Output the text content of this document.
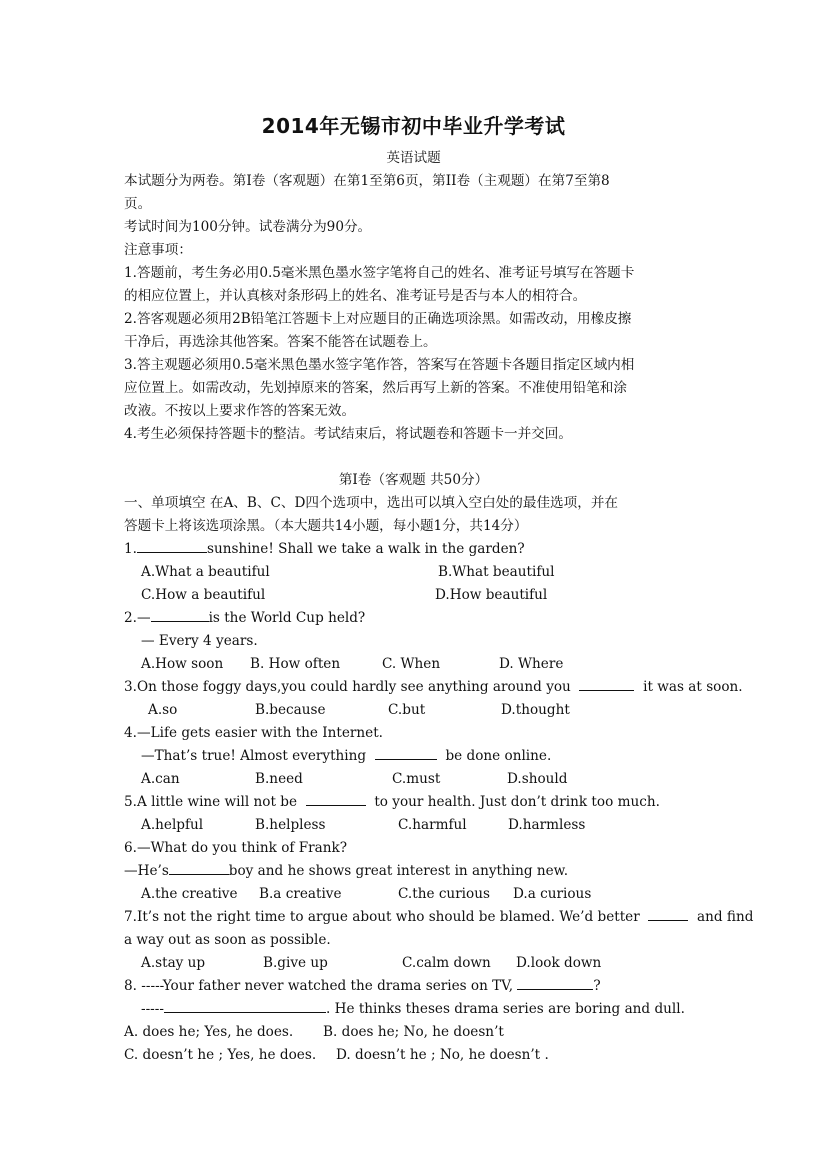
2014年无锡市初中毕业升学考试
英语试题
本试题分为两卷。第I卷（客观题）在第1至第6页，第II卷（主观题）在第7至第8
页。
考试时间为100分钟。试卷满分为90分。
注意事项：
1.答题前，考生务必用0.5毫米黑色墨水签字笔将自己的姓名、准考证号填写在答题卡
的相应位置上，并认真核对条形码上的姓名、准考证号是否与本人的相符合。
2.答客观题必须用2B铅笔江答题卡上对应题目的正确选项涂黑。如需改动，用橡皮擦
干净后，再选涂其他答案。答案不能答在试题卷上。
3.答主观题必须用0.5毫米黑色墨水签字笔作答，答案写在答题卡各题目指定区域内相
应位置上。如需改动，先划掉原来的答案，然后再写上新的答案。不准使用铅笔和涂
改液。不按以上要求作答的答案无效。
4.考生必须保持答题卡的整洁。考试结束后，将试题卷和答题卡一并交回。
第I卷（客观题 共50分）
一、单项填空 在A、B、C、D四个选项中，选出可以填入空白处的最佳选项，并在
答题卡上将该选项涂黑。（本大题共14小题，每小题1分，共14分）
1.	sunshine! Shall we take a walk in the garden?
A.What a beautiful	B.What beautiful
C.How a beautiful	D.How beautiful
2.—	is the World Cup held?
— Every 4 years.
A.How soon B. How often	C. When	D. Where
3.On those foggy days,you could hardly see anything around you	it was at soon.
A.so	B.because	C.but	D.thought
4.—Life gets easier with the Internet.
—That’s true! Almost everything	be done online.
A.can	B.need	C.must	D.should
5.A little wine will not be	to your health. Just don’t drink too much.
A.helpful	B.helpless	C.harmful	D.harmless
6.—What do you think of Frank?
—He’s	boy and he shows great interest in anything new.
A.the creative B.a creative	C.the curious D.a curious
7.It’s not the right time to argue about who should be blamed. We’d better	and find
a way out as soon as possible.
A.stay up	B.give up	C.calm down D.look down
8. -----Your father never watched the drama series on TV,	?
-----	. He thinks theses drama series are boring and dull.
A. does he; Yes, he does. B. does he; No, he doesn’t
C. doesn’t he ; Yes, he does. D. doesn’t he ; No, he doesn’t .
